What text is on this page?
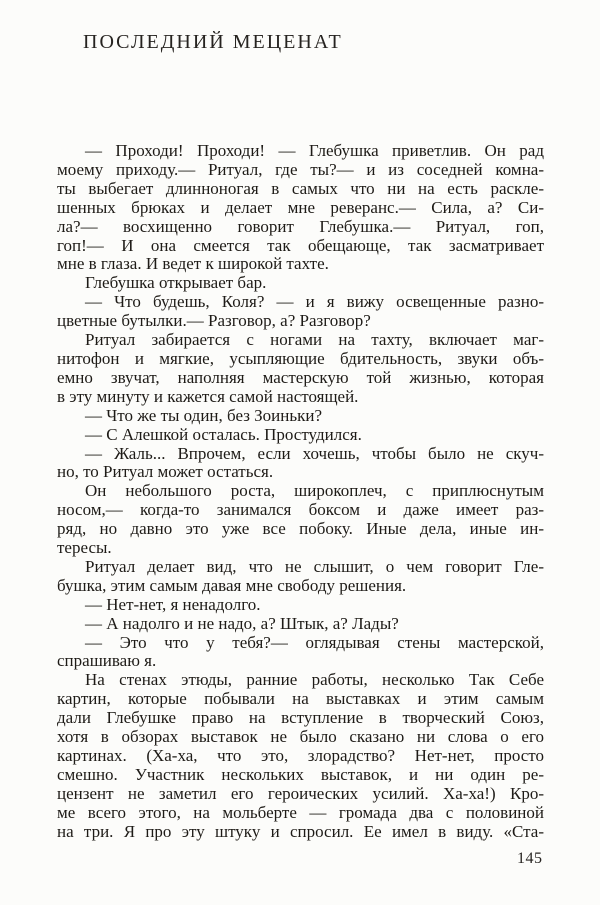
ПОСЛЕДНИЙ МЕЦЕНАТ

— Проходи! Проходи! — Глебушка приветлив. Он рад
моему приходу.— Ритуал, где ты?— и из соседней комна-
ты выбегает длинноногая в самых что ни на есть раскле-
шенных брюках и делает мне реверанс.— Сила, а? Си-
ла?— восхищенно говорит Глебушка.— Ритуал, гоп,
гоп!— И она смеется так обещающе, так засматривает
мне в глаза. И ведет к широкой тахте.

Глебушка открывает бар.

— Что будешь, Коля? — и я вижу освещенные разно-
цветные бутылки.— Разговор, а? Разговор?

Ритуал забирается с ногами на тахту, включает маг-
нитофон и мягкие, усыпляющие бдительность, звуки объ-
емно звучат, наполняя мастерскую той жизнью, которая
в эту минуту и кажется самой настоящей.

— Что же ты один, без Зоиньки?

— С Алешкой осталась. Простудился.

— Жаль... Впрочем, если хочешь, чтобы было не скуч-
но, то Ритуал может остаться.

Он небольшого роста, широкоплеч, с приплюснутым
носом,— когда-то занимался боксом и даже имеет раз-
ряд, но давно это уже все побоку. Иные дела, иные ин-
тересы.

Ритуал делает вид, что не слышит, о чем говорит Гле-
бушка, этим самым давая мне свободу решения.

— Нет-нет, я ненадолго.

— А надолго и не надо, а? Штык, а? Лады?

— Это что у тебя?— оглядывая стены мастерской,
спрашиваю я.

На стенах этюды, ранние работы, несколько Так Себе
картин, которые побывали на выставках и этим самым
дали Глебушке право на вступление в творческий Союз,
хотя в обзорах выставок не было сказано ни слова о его
картинах. (Ха-ха, что это, злорадство? Нет-нет, просто
смешно. Участник нескольких выставок, и ни один ре-
цензент не заметил его героических усилий. Ха-ха!) Кро-
ме всего этого, на мольберте — громада два с половиной
на три. Я про эту штуку и спросил. Ее имел в виду. «Ста-

145
